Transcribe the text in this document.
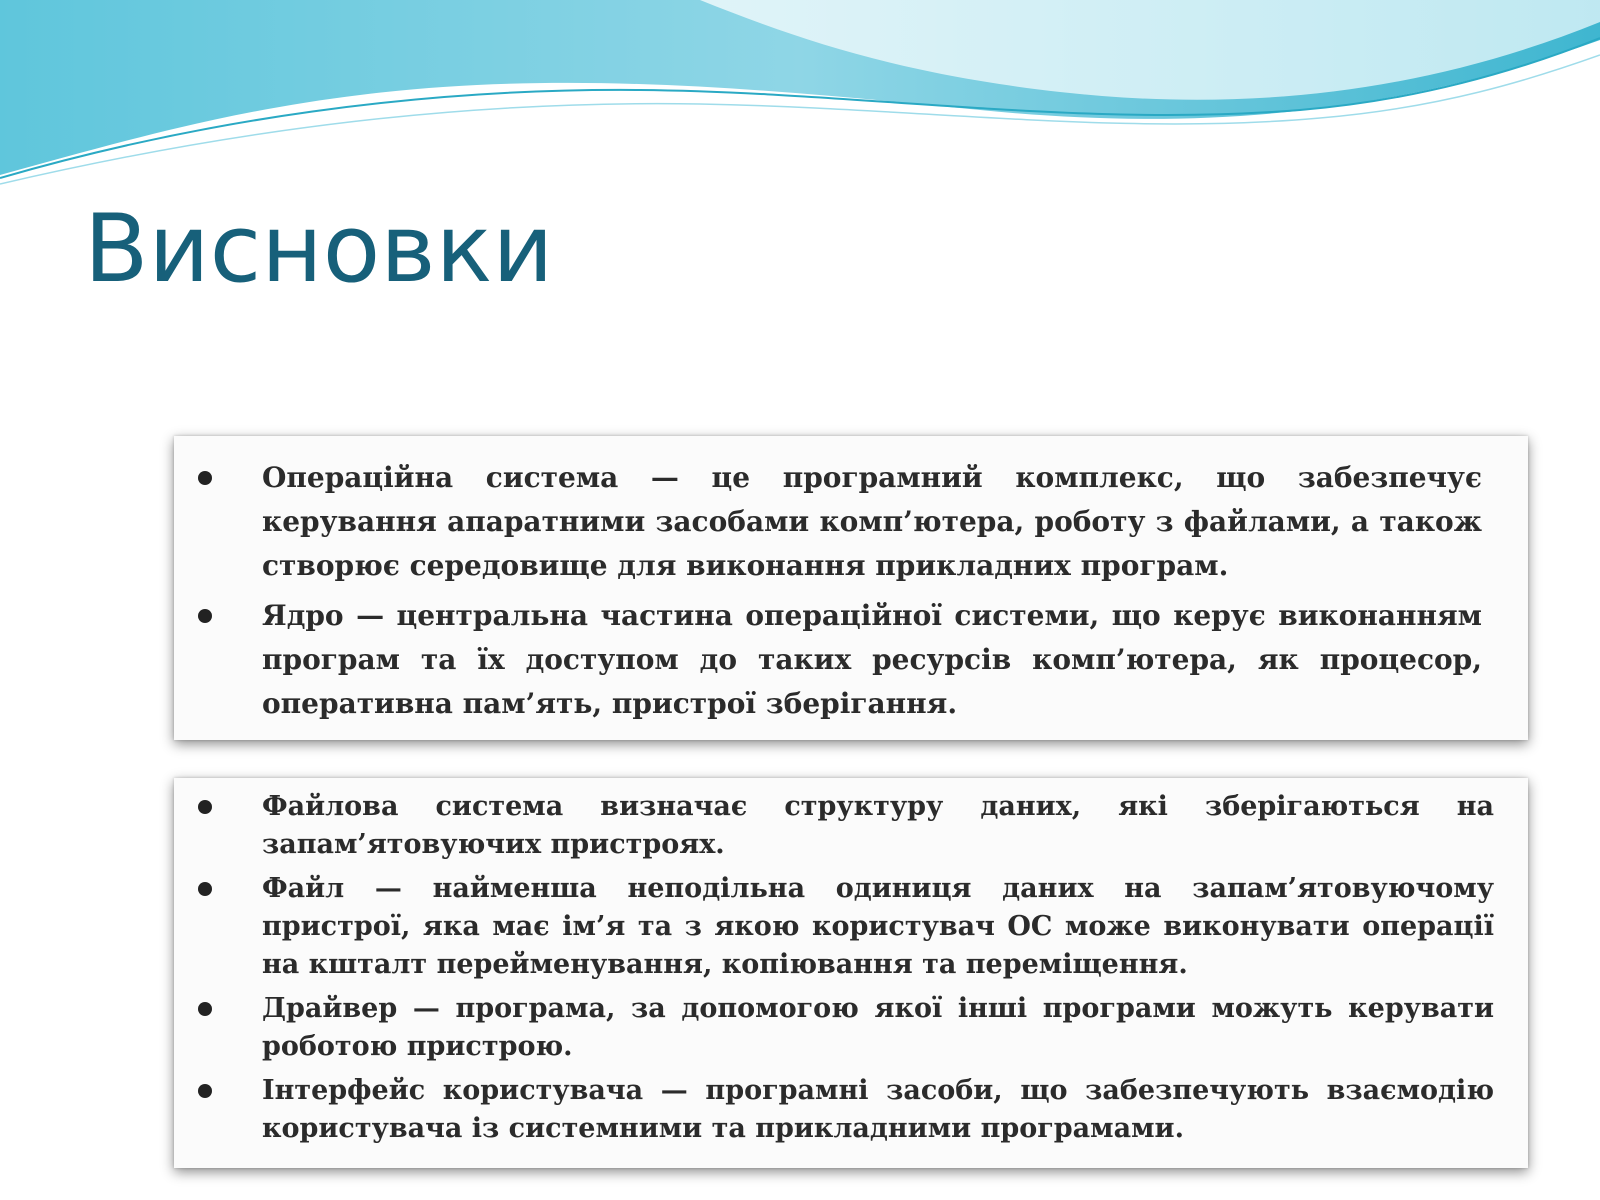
Висновки
Операційна система — це програмний комплекс, що забезпечує керування апаратними засобами комп’ютера, роботу з файлами, а також створює середовище для виконання прикладних програм.
Ядро — центральна частина операційної системи, що керує виконанням програм та їх доступом до таких ресурсів комп’ютера, як процесор, оперативна пам’ять, пристрої зберігання.
Файлова система визначає структуру даних, які зберігаються на запам’ятовуючих пристроях.
Файл — найменша неподільна одиниця даних на запам’ятовуючому пристрої, яка має ім’я та з якою користувач ОС може виконувати операції на кшталт перейменування, копіювання та переміщення.
Драйвер — програма, за допомогою якої інші програми можуть керувати роботою пристрою.
Інтерфейс користувача — програмні засоби, що забезпечують взаємодію користувача із системними та прикладними програмами.
